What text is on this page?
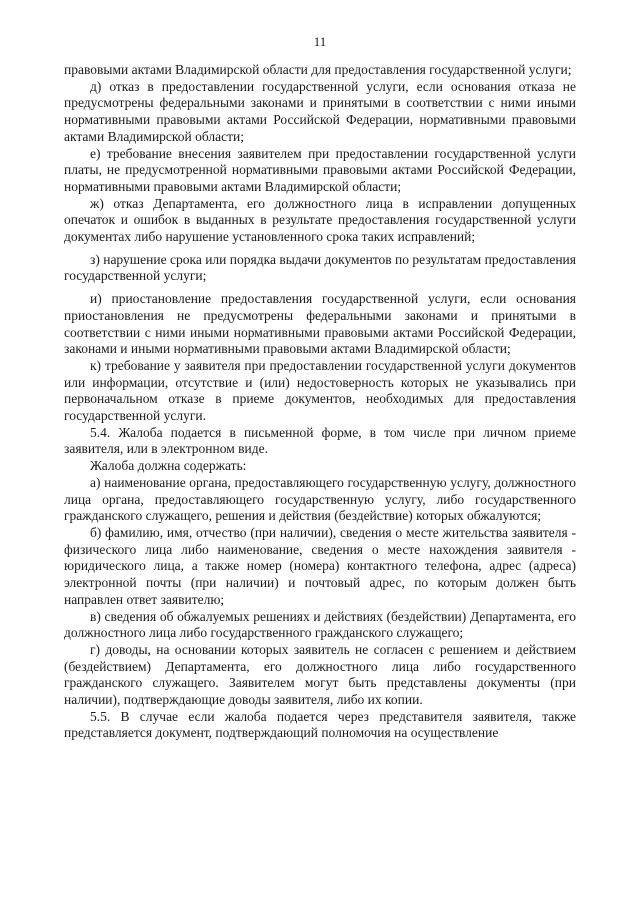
11

правовыми актами Владимирской области для предоставления государственной услуги;

д) отказ в предоставлении государственной услуги, если основания отказа не предусмотрены федеральными законами и принятыми в соответствии с ними иными нормативными правовыми актами Российской Федерации, нормативными правовыми актами Владимирской области;

е) требование внесения заявителем при предоставлении государственной услуги платы, не предусмотренной нормативными правовыми актами Российской Федерации, нормативными правовыми актами Владимирской области;

ж) отказ Департамента, его должностного лица в исправлении допущенных опечаток и ошибок в выданных в результате предоставления государственной услуги документах либо нарушение установленного срока таких исправлений;

з) нарушение срока или порядка выдачи документов по результатам предоставления государственной услуги;

и) приостановление предоставления государственной услуги, если основания приостановления не предусмотрены федеральными законами и принятыми в соответствии с ними иными нормативными правовыми актами Российской Федерации, законами и иными нормативными правовыми актами Владимирской области;

к) требование у заявителя при предоставлении государственной услуги документов или информации, отсутствие и (или) недостоверность которых не указывались при первоначальном отказе в приеме документов, необходимых для предоставления государственной услуги.

5.4. Жалоба подается в письменной форме, в том числе при личном приеме заявителя, или в электронном виде.

Жалоба должна содержать:

а) наименование органа, предоставляющего государственную услугу, должностного лица органа, предоставляющего государственную услугу, либо государственного гражданского служащего, решения и действия (бездействие) которых обжалуются;

б) фамилию, имя, отчество (при наличии), сведения о месте жительства заявителя - физического лица либо наименование, сведения о месте нахождения заявителя - юридического лица, а также номер (номера) контактного телефона, адрес (адреса) электронной почты (при наличии) и почтовый адрес, по которым должен быть направлен ответ заявителю;

в) сведения об обжалуемых решениях и действиях (бездействии) Департамента, его должностного лица либо государственного гражданского служащего;

г) доводы, на основании которых заявитель не согласен с решением и действием (бездействием) Департамента, его должностного лица либо государственного гражданского служащего. Заявителем могут быть представлены документы (при наличии), подтверждающие доводы заявителя, либо их копии.

5.5. В случае если жалоба подается через представителя заявителя, также представляется документ, подтверждающий полномочия на осуществление
